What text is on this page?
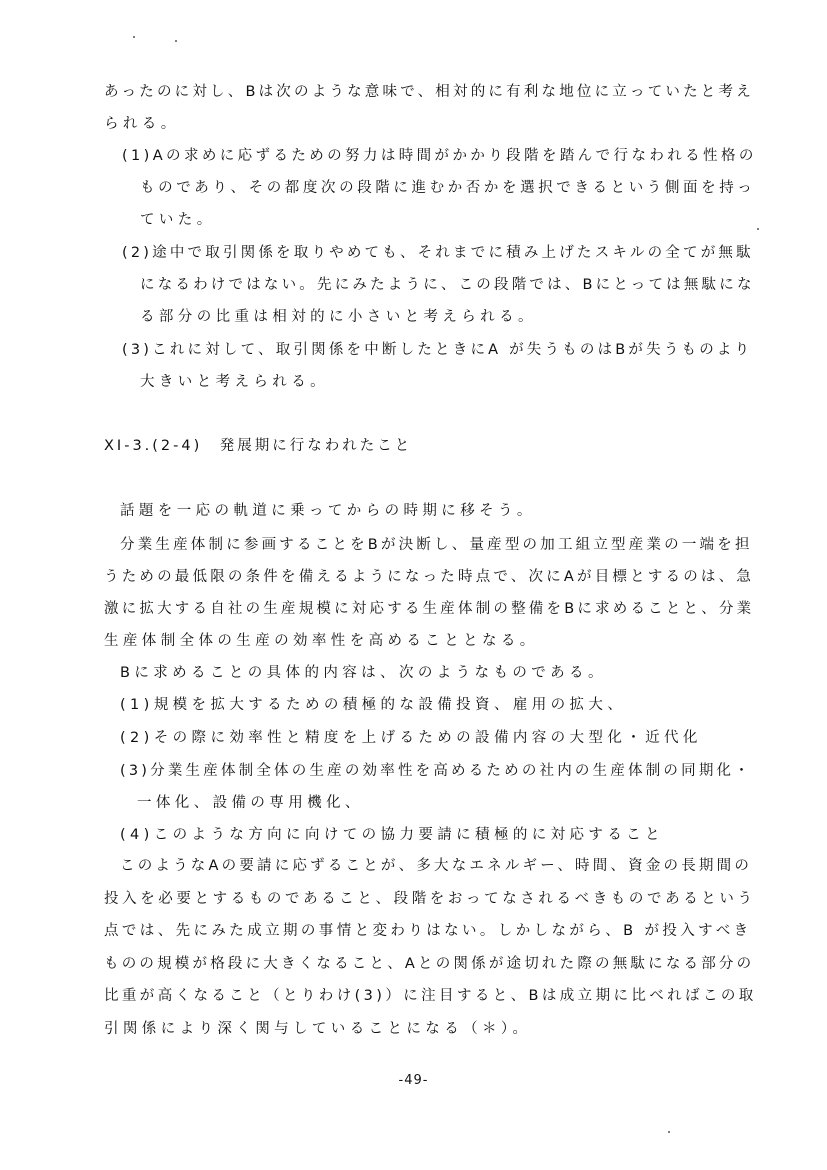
あったのに対し、Bは次のような意味で、相対的に有利な地位に立っていたと考え
られる。
(1)Aの求めに応ずるための努力は時間がかかり段階を踏んで行なわれる性格の
ものであり、その都度次の段階に進むか否かを選択できるという側面を持っ
ていた。
(2)途中で取引関係を取りやめても、それまでに積み上げたスキルの全てが無駄
になるわけではない。先にみたように、この段階では、Bにとっては無駄にな
る部分の比重は相対的に小さいと考えられる。
(3)これに対して、取引関係を中断したときにA が失うものはBが失うものより
大きいと考えられる。
XI-3.(2-4)　発展期に行なわれたこと
話題を一応の軌道に乗ってからの時期に移そう。
分業生産体制に参画することをBが決断し、量産型の加工組立型産業の一端を担
うための最低限の条件を備えるようになった時点で、次にAが目標とするのは、急
激に拡大する自社の生産規模に対応する生産体制の整備をBに求めることと、分業
生産体制全体の生産の効率性を高めることとなる。
Bに求めることの具体的内容は、次のようなものである。
(1)規模を拡大するための積極的な設備投資、雇用の拡大、
(2)その際に効率性と精度を上げるための設備内容の大型化・近代化
(3)分業生産体制全体の生産の効率性を高めるための社内の生産体制の同期化・
一体化、設備の専用機化、
(4)このような方向に向けての協力要請に積極的に対応すること
このようなAの要請に応ずることが、多大なエネルギー、時間、資金の長期間の
投入を必要とするものであること、段階をおってなされるべきものであるという
点では、先にみた成立期の事情と変わりはない。しかしながら、B が投入すべき
ものの規模が格段に大きくなること、Aとの関係が途切れた際の無駄になる部分の
比重が高くなること（とりわけ(3)）に注目すると、Bは成立期に比べればこの取
引関係により深く関与していることになる（＊）。
-49-
